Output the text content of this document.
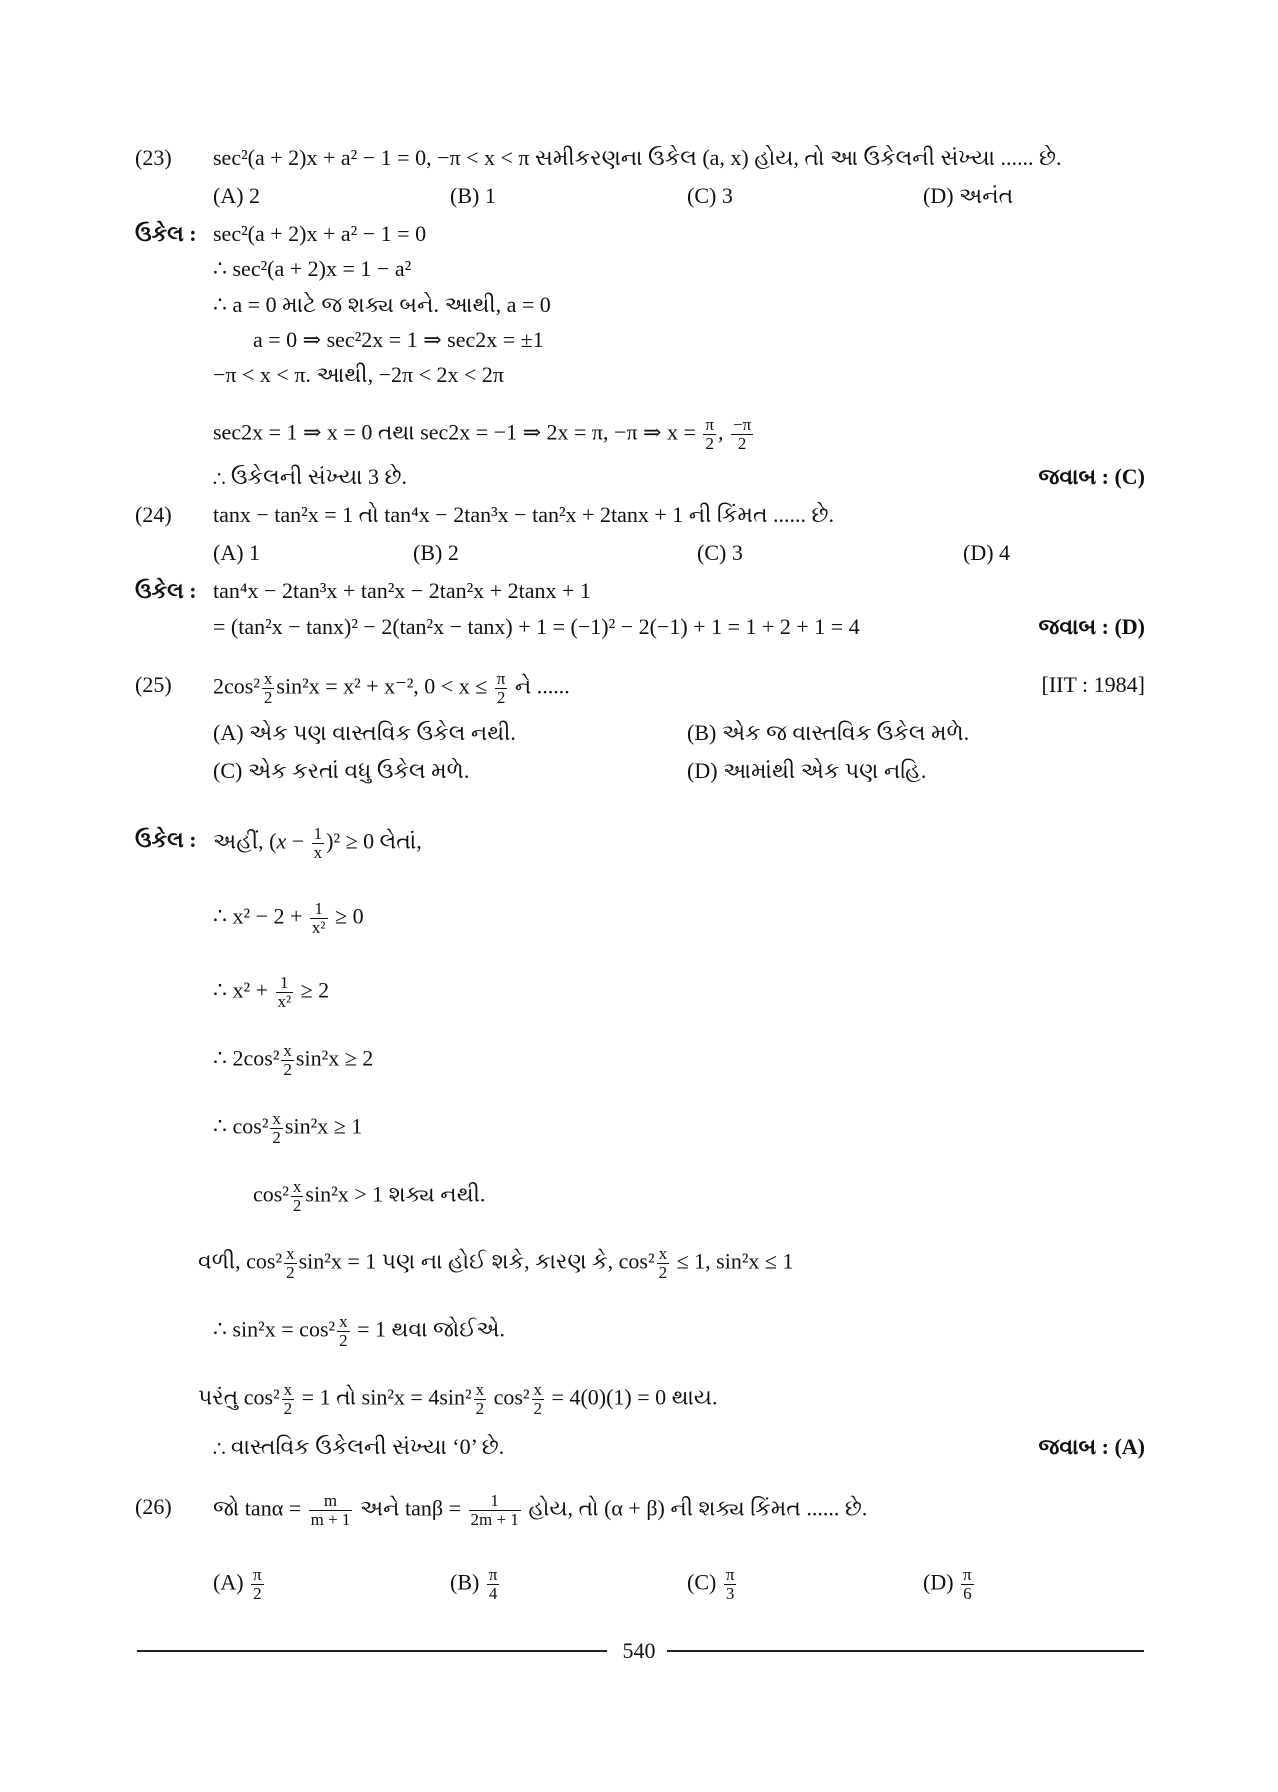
(23) sec²(a + 2)x + a² − 1 = 0, −π < x < π સમીકરણના ઉકેલ (a, x) હોય, તો આ ઉકેલની સંખ્યા ...... છે.
(A) 2	(B) 1	(C) 3	(D) અનંત
ઉકેલ : sec²(a + 2)x + a² − 1 = 0
∴ sec²(a + 2)x = 1 − a²
∴ a = 0 માટે જ શક્ય બને. આથી, a = 0
a = 0 ⇒ sec²2x = 1 ⇒ sec2x = ±1
−π < x < π. આથી, −2π < 2x < 2π
sec2x = 1 ⇒ x = 0 તથા sec2x = −1 ⇒ 2x = π, −π ⇒ $x = \frac{\pi}{2}$ , $\frac{-\pi}{2}$
∴ ઉકેલની સંખ્યા 3 છે.	જવાબ : (C)
(24) tanx − tan²x = 1 તો tan⁴x − 2tan³x − tan²x + 2tanx + 1 ની કિંમત ...... છે.
(A) 1	(B) 2	(C) 3	(D) 4
ઉકેલ : tan⁴x − 2tan³x + tan²x − 2tan²x + 2tanx + 1
= (tan²x − tanx)² − 2(tan²x − tanx) + 1 = (−1)² − 2(−1) + 1 = 1 + 2 + 1 = 4	જવાબ : (D)
(25) $2\cos^2 \frac{x}{2} \sin^2x = x^2 + x^{-2}$, $0 < x \le \frac{\pi}{2}$ ને ......	[IIT : 1984]
(A) એક પણ વાસ્તવિક ઉકેલ નથી.	(B) એક જ વાસ્તવિક ઉકેલ મળે.
(C) એક કરતાં વધુ ઉકેલ મળે.	(D) આમાંથી એક પણ નહિ.
ઉકેલ : અહીં, $(x - \frac{1}{x} )^2 \ge 0$ લેતાં,
∴ $x^2 - 2 + \frac{1}{\text{x²}} \ge 0$
∴ $x^2 + \frac{1}{\text{x²}} \ge 2$
∴ $2\cos^2 \frac{x}{2} \sin^2x \ge 2$
∴ $\cos^2 \frac{x}{2} \sin^2x \ge 1$
$\cos^2 \frac{x}{2} \sin^2x > 1$ શક્ય નથી.
વળી, $\cos^2 \frac{x}{2} \sin^2x = 1$ પણ ના હોઈ શકે, કારણ કે, $\cos^2 \frac{x}{2} \le 1$, sin²x ≤ 1
∴ $\sin^2x = \cos^2 \frac{x}{2} = 1$ થવા જોઈએ.
પરંતુ $\cos^2 \frac{x}{2} = 1$ તો $\sin^2x = 4\sin^2 \frac{x}{2} \cos^2 \frac{x}{2} = 4(0)(1) = 0$ થાય.
∴ વાસ્તવિક ઉકેલની સંખ્યા ‘0’ છે.	જવાબ : (A)
(26) જો $\tan\alpha = \frac{m}{m + 1}$ અને $\tan\beta = \frac{1}{2m + 1}$ હોય, તો (α + β) ની શક્ય કિંમત ...... છે.
$(A) \frac{\pi}{2}$	$(B) \frac{\pi}{4}$	$(C) \frac{\pi}{3}$	$(D) \frac{\pi}{6}$
540
